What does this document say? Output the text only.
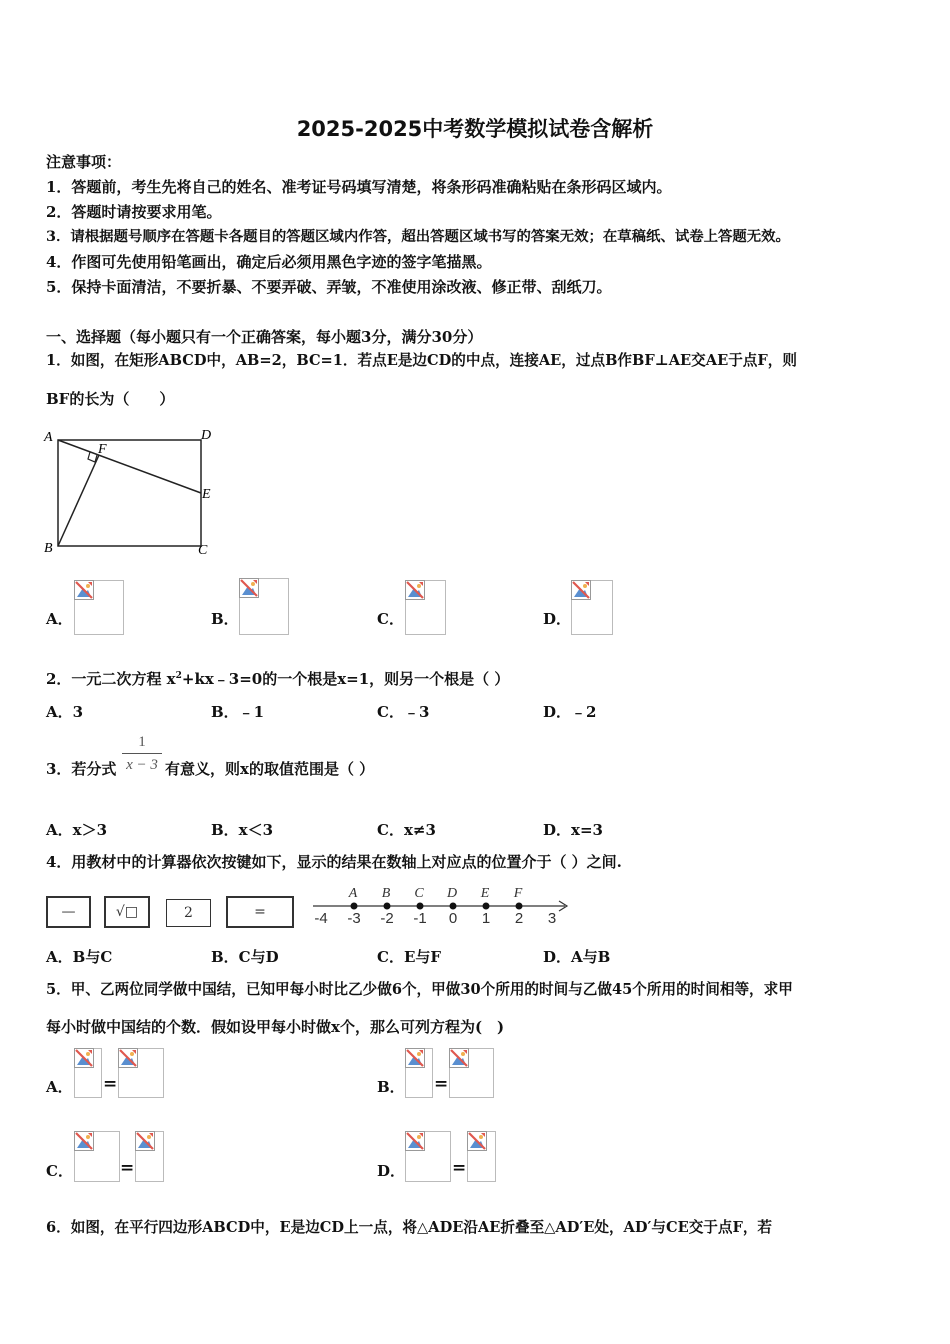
2025-2025中考数学模拟试卷含解析
注意事项：
1．答题前，考生先将自己的姓名、准考证号码填写清楚，将条形码准确粘贴在条形码区域内。
2．答题时请按要求用笔。
3．请根据题号顺序在答题卡各题目的答题区域内作答，超出答题区域书写的答案无效；在草稿纸、试卷上答题无效。
4．作图可先使用铅笔画出，确定后必须用黑色字迹的签字笔描黑。
5．保持卡面清洁，不要折暴、不要弄破、弄皱，不准使用涂改液、修正带、刮纸刀。
一、选择题（每小题只有一个正确答案，每小题3分，满分30分）
1．如图，在矩形ABCD中，AB=2，BC=1．若点E是边CD的中点，连接AE，过点B作BF⊥AE交AE于点F，则
BF的长为（　　）
A	D
F
E
B	C
A．	B．	C．	D．
2．一元二次方程 $x^2+kx﹣3=0$的一个根是x=1，则另一个根是（ ）
A．3	B．﹣1	C．﹣3	D．﹣2
3．若分式
1
x − 3 有意义，则x的取值范围是（ ）
A．x＞3	B．x＜3	C．x≠3	D．x=3
4．用教材中的计算器依次按键如下，显示的结果在数轴上对应点的位置介于（ ）之间.
—	√□	2	=	-4 -3 -2 -1 0 1 2 3
A B C D E F
A．B与C	B．C与D	C．E与F	D．A与B
5．甲、乙两位同学做中国结，已知甲每小时比乙少做6个，甲做30个所用的时间与乙做45个所用的时间相等，求甲
每小时做中国结的个数．假如设甲每小时做x个，那么可列方程为(　)
A． =	B． =
C．	=	D．	=
6．如图，在平行四边形ABCD中，E是边CD上一点，将△ADE沿AE折叠至△AD′E处，AD′与CE交于点F，若
